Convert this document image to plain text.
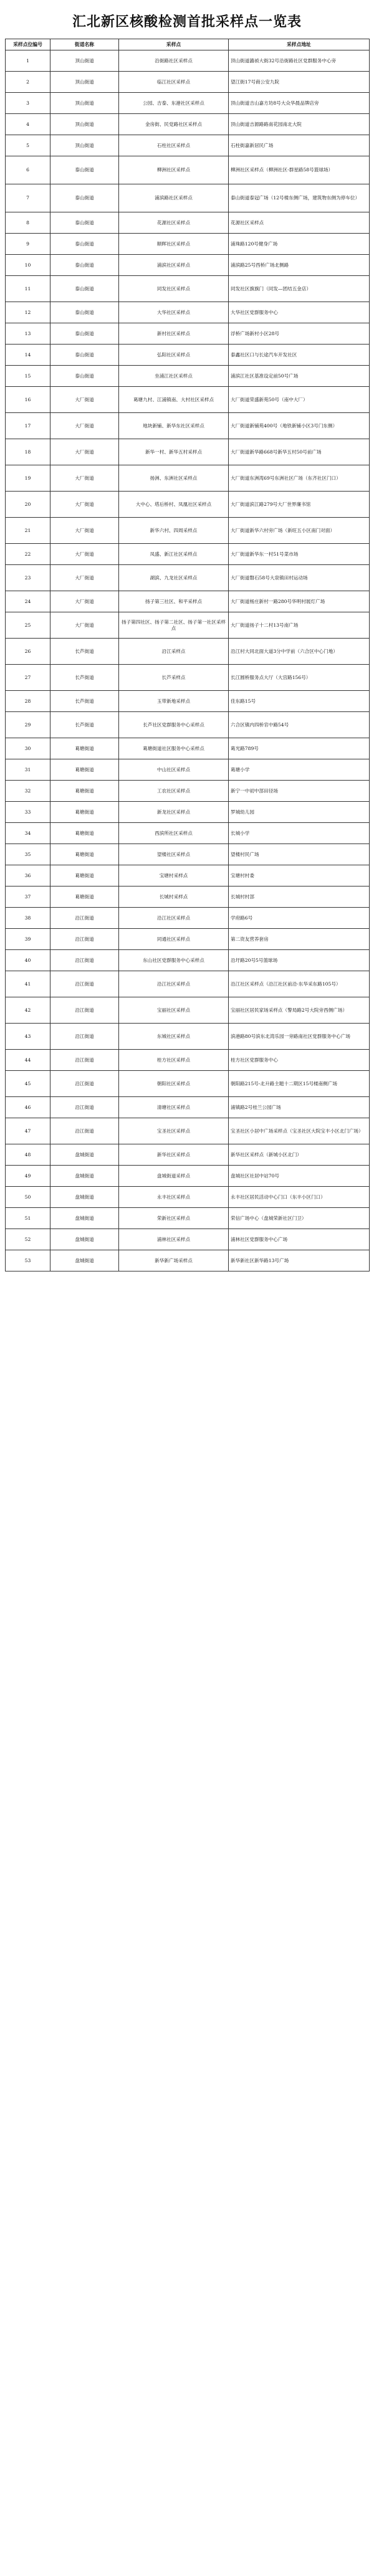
汇北新区核酸检测首批采样点一览表
采样点位编号	街道名称	采样点	采样点地址
1	顶山街道	沿街路社区采样点	顶山街道潞祯大街32号沿街路社区党群服务中心旁
2	顶山街道	临江社区采样点	望江街17号商公安九院
3	顶山街道	公园、吉泰、东港社区采样点	顶山街道吉山嘉方坊8号大众华晨品牌店旁
4	顶山街道	金房街、民党路社区采样点	顶山街道吉源路路南花园南北大院
5	顶山街道	石柱社区采样点	石柱街嘉新居民广场
6	泰山街道	柳洲社区采样点	柳洲社区采样点（柳洲社区-群星路58号篮球场）
7	泰山街道	浦滨路社区采样点	泰山街道泰冠广场（12号楼东侧广场，建筑物东侧为停车位）
8	泰山街道	花源社区采样点	花源社区采样点
9	泰山街道	顺晖社区采样点	浦珠路120号健身广场
10	泰山街道	浦滨社区采样点	浦滨路25号西桥广场北侧路
11	泰山街道	同发社区采样点	同发社区旗旗门（同发—团结五金店）
12	泰山街道	大华社区采样点	大华社区党群服务中心
13	泰山街道	新村社区采样点	浮桥广场新村小区28号
14	泰山街道	弘阳社区采样点	泰鑫社区口与长途汽车开发社区
15	泰山街道	坐浦江社区采样点	浦滨江社区基准设定前50号广场
16	大厂街道	葛塘九村、江浦镇南、大村社区采样点	大厂街道荣盛新苑50号（南中大厂）
17	大厂街道	地块新铺、新华东社区采样点	大厂街道新铺苑400号（地铁新铺小区3号门东侧）
18	大厂街道	新华一村、新华五村采样点	大厂街道新华路668号新华五村50号前广场
19	大厂街道	扬洲、东洲社区采样点	大厂街道东洲湾69号东洲社区广场（东齐社区门口）
20	大厂街道	大中心、塔后桥村、凤凰社区采样点	大厂街道滨江路279号大厂世界廉书馆
21	大厂街道	新华六村、四周采样点	大厂街道新华六村旁广场（新旺五小区南门对面）
22	大厂街道	凤盛、新江社区采样点	大厂街道新华东一村51号菜市场
23	大厂街道	湖滨、九龙社区采样点	大厂街道磐石58号大泉镇田村运动场
24	大厂街道	扬子第三社区、和平采样点	大厂街道杨庄新村一路280号华明村展灯广场
25	大厂街道	扬子第四社区、扬子第二社区、扬子第一社区采样点	大厂街道扬子十二村13号南广场
26	长芦街道	沿江采样点	沿江村大同北面大道3分中学前（六合区中心门地）
27	长芦街道	长芦采样点	长江圆桥服务点大厅（大宫路156号）
28	长芦街道	玉带新地采样点	佳东路15号
29	长芦街道	长芦社区党群服务中心采样点	六合区镇内四桥官中路54号
30	葛塘街道	葛塘街道社区服务中心采样点	葛光路789号
31	葛塘街道	中山社区采样点	葛塘小学
32	葛塘街道	工农社区采样点	新宁一中初中部田径场
33	葛塘街道	新龙社区采样点	罗城幼儿园
34	葛塘街道	西滨所社区采样点	长城小学
35	葛塘街道	望楼社区采样点	望楼村民广场
36	葛塘街道	宝塘村采样点	宝塘村村委
37	葛塘街道	长城村采样点	长城村村部
38	沿江街道	沿江社区采样点	学府路6号
39	沿江街道	同通社区采样点	第二资友营养套房
40	沿江街道	东山社区党群服务中心采样点	沿圩路20号5号篮球场
41	沿江街道	沿江社区采样点	沿江社区采样点（沿江社区前沿-东华采东路105号）
42	沿江街道	宝丽社区采样点	宝丽社区居民家场采样点（警局路2号大院旁西侧广场）
43	沿江街道	东城社区采样点	滨港路80号滨东北湾乐园一旁路南社区党群服务中心广场
44	沿江街道	桂方社区采样点	桂方社区党群服务中心
45	沿江街道	朝阳社区采样点	朝阳路215号-北升路主题十二期区15号楼南侧广场
46	沿江街道	清塘社区采样点	浦镇路2号桂兰公园广场
47	沿江街道	宝圣社区采样点	宝圣社区小居中广场采样点（宝圣社区大院宝丰小区北门广场）
48	盘城街道	新华社区采样点	新华社区采样点（新城小区北门）
49	盘城街道	盘城街道采样点	盘城社区社居中站70号
50	盘城街道	永丰社区采样点	永丰社区居民活动中心门口（东丰小区门口）
51	盘城街道	荣新社区采样点	荣信广场中心（盘城荣新社区门卫）
52	盘城街道	浦林社区采样点	浦林社区党群服务中心广场
53	盘城街道	新华新广场采样点	新华新社区新华路13号广场
